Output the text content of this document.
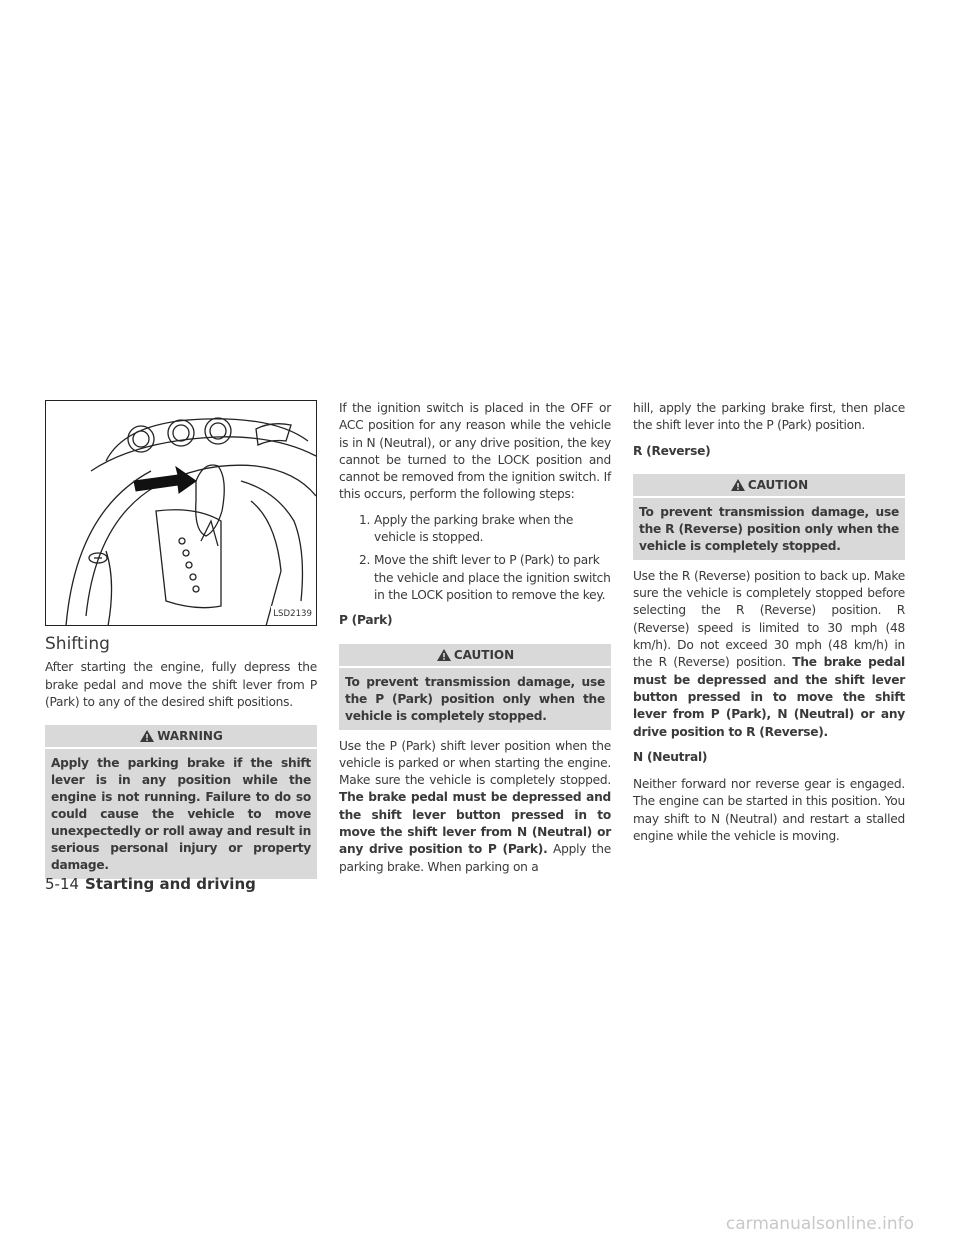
LSD2139
Shifting

After starting the engine, fully depress the brake pedal and move the shift lever from P (Park) to any of the desired shift positions.

WARNING
Apply the parking brake if the shift lever is in any position while the engine is not running. Failure to do so could cause the vehicle to move unexpectedly or roll away and result in serious personal injury or property damage.

If the ignition switch is placed in the OFF or ACC position for any reason while the vehicle is in N (Neutral), or any drive position, the key cannot be turned to the LOCK position and cannot be removed from the ignition switch. If this occurs, perform the following steps:

1. Apply the parking brake when the vehicle is stopped.
2. Move the shift lever to P (Park) to park the vehicle and place the ignition switch in the LOCK position to remove the key.
P (Park)
CAUTION
To prevent transmission damage, use the P (Park) position only when the vehicle is completely stopped.

Use the P (Park) shift lever position when the vehicle is parked or when starting the engine. Make sure the vehicle is completely stopped. The brake pedal must be depressed and the shift lever button pressed in to move the shift lever from N (Neutral) or any drive position to P (Park). Apply the parking brake. When parking on a

hill, apply the parking brake first, then place the shift lever into the P (Park) position.

R (Reverse)
CAUTION
To prevent transmission damage, use the R (Reverse) position only when the vehicle is completely stopped.

Use the R (Reverse) position to back up. Make sure the vehicle is completely stopped before selecting the R (Reverse) position. R (Reverse) speed is limited to 30 mph (48 km/h). Do not exceed 30 mph (48 km/h) in the R (Reverse) position. The brake pedal must be depressed and the shift lever button pressed in to move the shift lever from P (Park), N (Neutral) or any drive position to R (Reverse).

N (Neutral)

Neither forward nor reverse gear is engaged. The engine can be started in this position. You may shift to N (Neutral) and restart a stalled engine while the vehicle is moving.

5-14 Starting and driving
carmanualsonline.info
